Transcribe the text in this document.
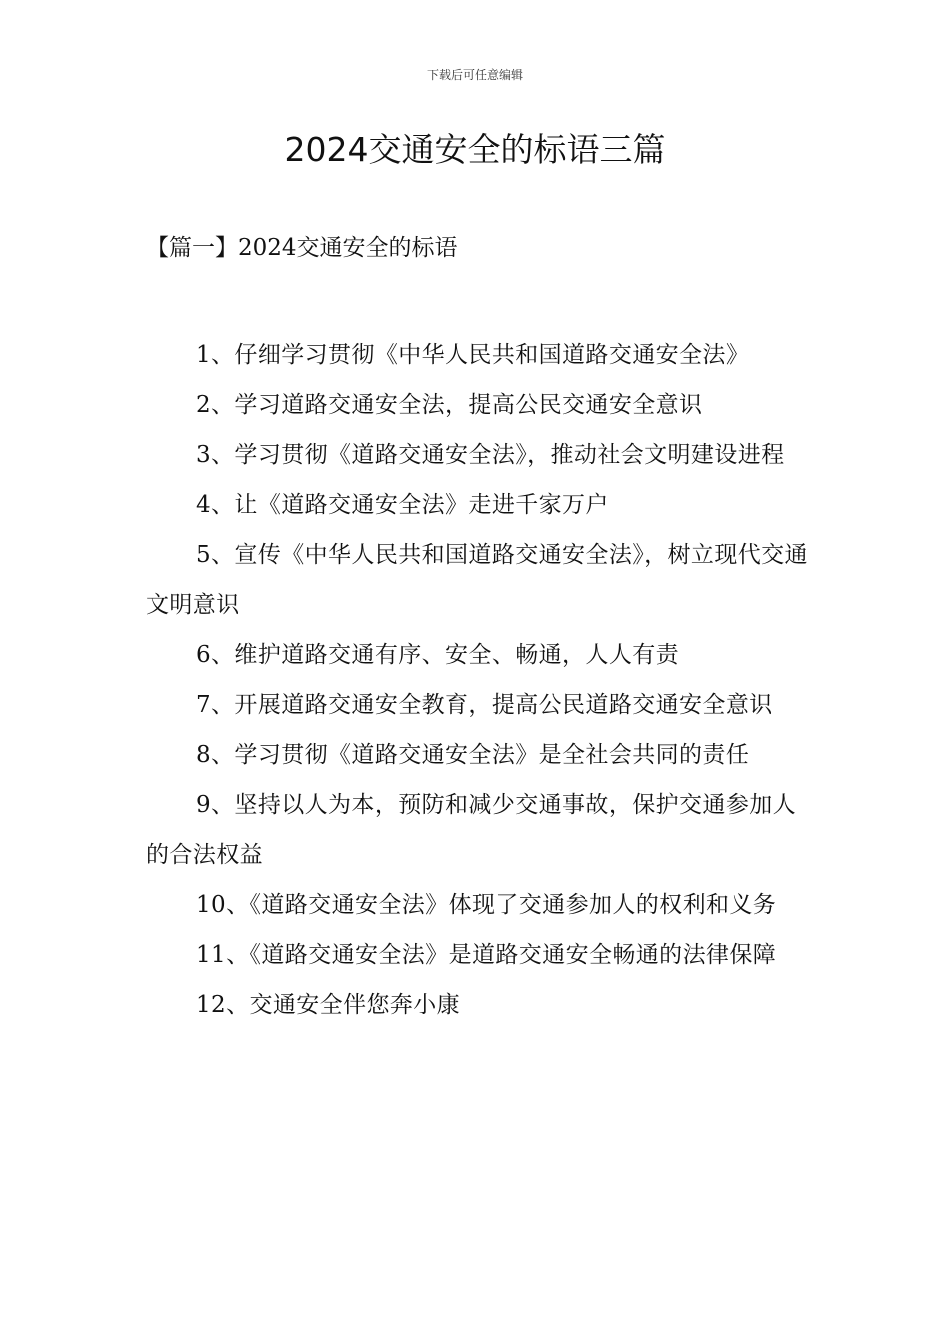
下载后可任意编辑
2024交通安全的标语三篇
【篇一】2024交通安全的标语
1、仔细学习贯彻《中华人民共和国道路交通安全法》
2、学习道路交通安全法，提高公民交通安全意识
3、学习贯彻《道路交通安全法》，推动社会文明建设进程
4、让《道路交通安全法》走进千家万户
5、宣传《中华人民共和国道路交通安全法》，树立现代交通文明意识
6、维护道路交通有序、安全、畅通，人人有责
7、开展道路交通安全教育，提高公民道路交通安全意识
8、学习贯彻《道路交通安全法》是全社会共同的责任
9、坚持以人为本，预防和减少交通事故，保护交通参加人的合法权益
10、《道路交通安全法》体现了交通参加人的权利和义务
11、《道路交通安全法》是道路交通安全畅通的法律保障
12、交通安全伴您奔小康
